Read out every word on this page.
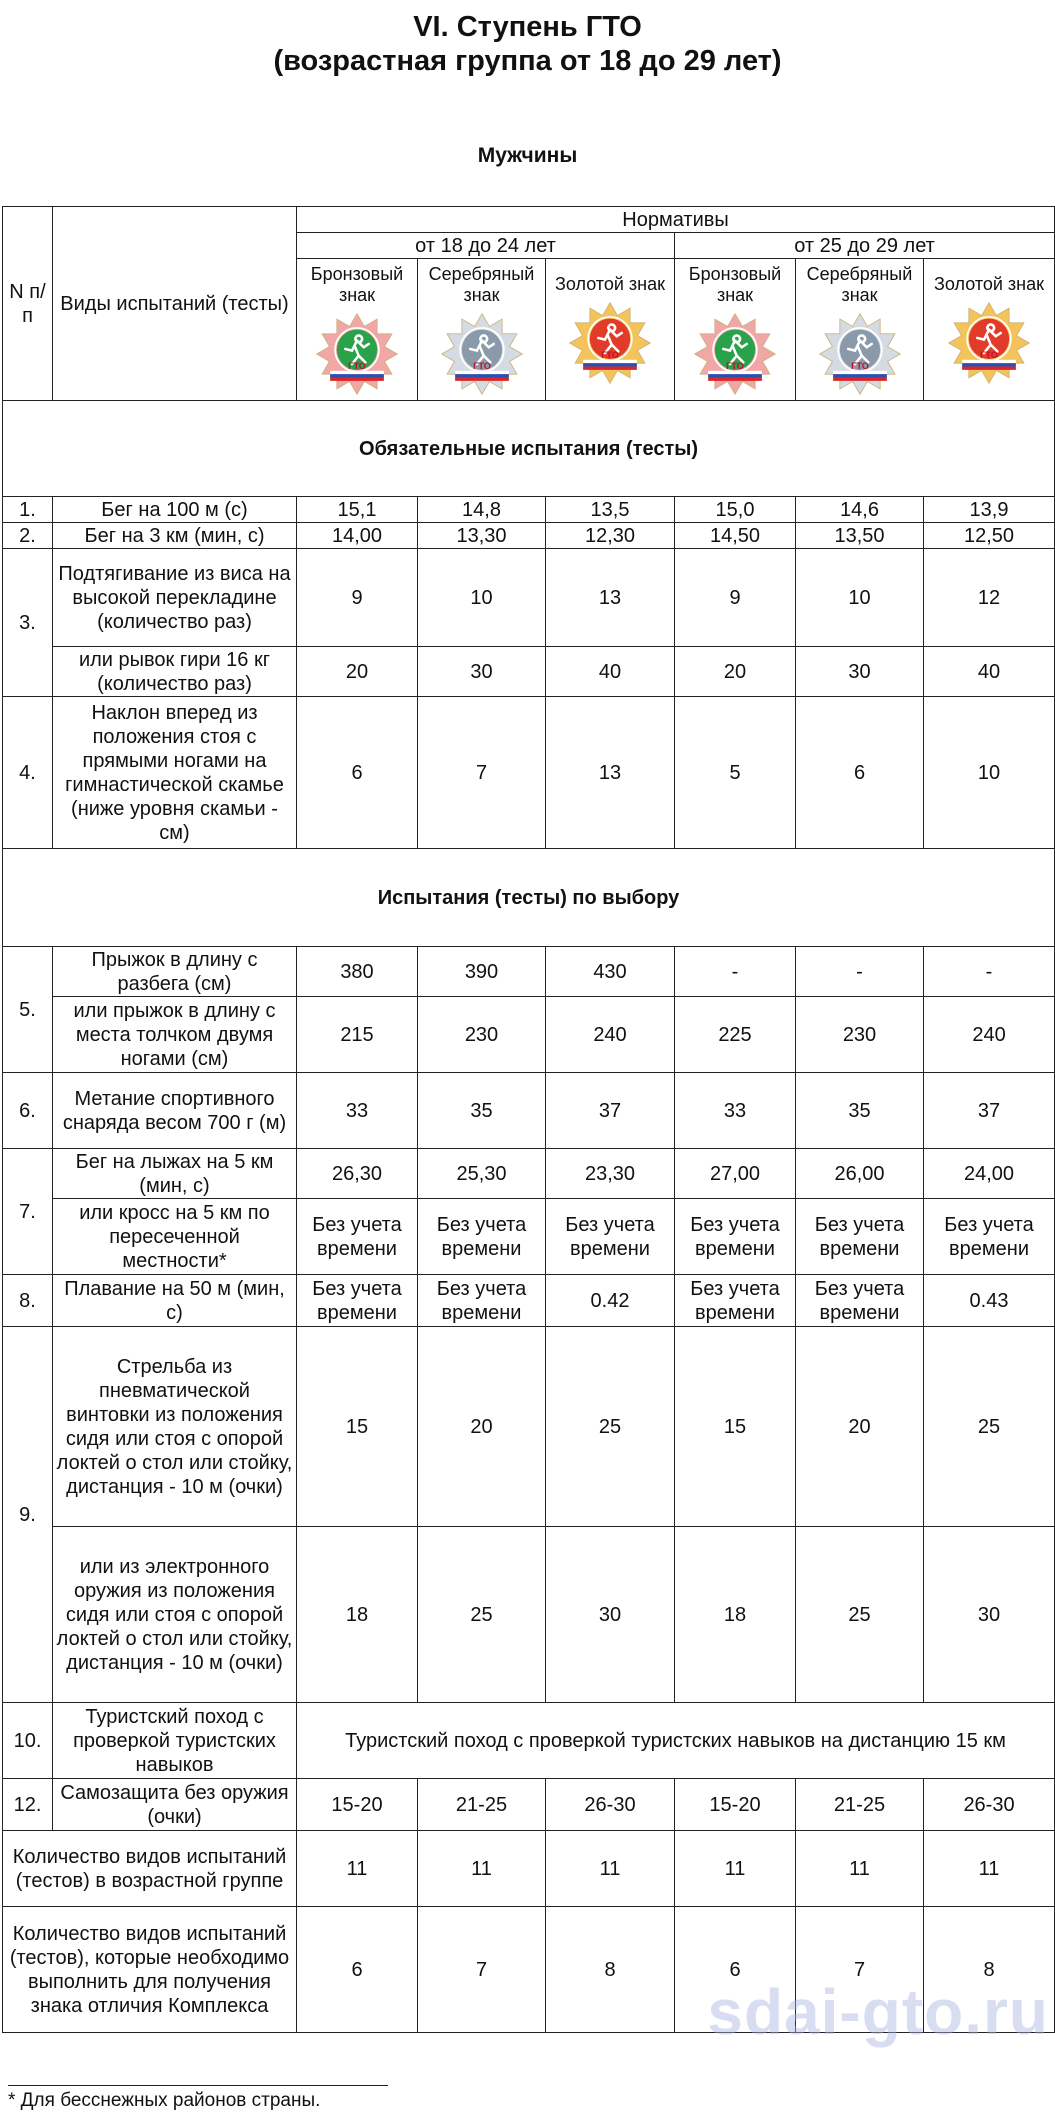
VI. Ступень ГТО
(возрастная группа от 18 до 29 лет)
Мужчины
N п/п	Виды испытаний (тесты)	Нормативы					
		от 18 до 24 лет			от 25 до 29 лет		

		Бронзовый знак
ГТО	Серебряный знак
ГТО	Золотой знак
ГТО	Бронзовый знак
ГТО	Серебряный знак
ГТО	Золотой знак
ГТО

Обязательные испытания (тесты)							
1.	Бег на 100 м (с)	15,1	14,8	13,5	15,0	14,6	13,9
2.	Бег на 3 км (мин, с)	14,00	13,30	12,30	14,50	13,50	12,50
3.	Подтягивание из виса на высокой перекладине (количество раз)	9	10	13	9	10	12
	или рывок гири 16 кг (количество раз)	20	30	40	20	30	40
4.	Наклон вперед из положения стоя с прямыми ногами на гимнастической скамье (ниже уровня скамьи - см)	6	7	13	5	6	10
Испытания (тесты) по выбору							
5.	Прыжок в длину с разбега (см)	380	390	430	-	-	-
	или прыжок в длину с места толчком двумя ногами (см)	215	230	240	225	230	240
6.	Метание спортивного снаряда весом 700 г (м)	33	35	37	33	35	37
7.	Бег на лыжах на 5 км (мин, с)	26,30	25,30	23,30	27,00	26,00	24,00
	или кросс на 5 км по пересеченной местности*	Без учета времени	Без учета времени	Без учета времени	Без учета времени	Без учета времени	Без учета времени
8.	Плавание на 50 м (мин, с)	Без учета времени	Без учета времени	0.42	Без учета времени	Без учета времени	0.43
9.	Стрельба из пневматической винтовки из положения сидя или стоя с опорой локтей о стол или стойку, дистанция - 10 м (очки)	15	20	25	15	20	25
	или из электронного оружия из положения сидя или стоя с опорой локтей о стол или стойку, дистанция - 10 м (очки)	18	25	30	18	25	30
10.	Туристский поход с проверкой туристских навыков	Туристский поход с проверкой туристских навыков на дистанцию 15 км					
12.	Самозащита без оружия (очки)	15-20	21-25	26-30	15-20	21-25	26-30
Количество видов испытаний (тестов) в возрастной группе		11	11	11	11	11	11
Количество видов испытаний (тестов), которые необходимо выполнить для получения знака отличия Комплекса		6	7	8	6	7	8
sdai-gto.ru
* Для бесснежных районов страны.
